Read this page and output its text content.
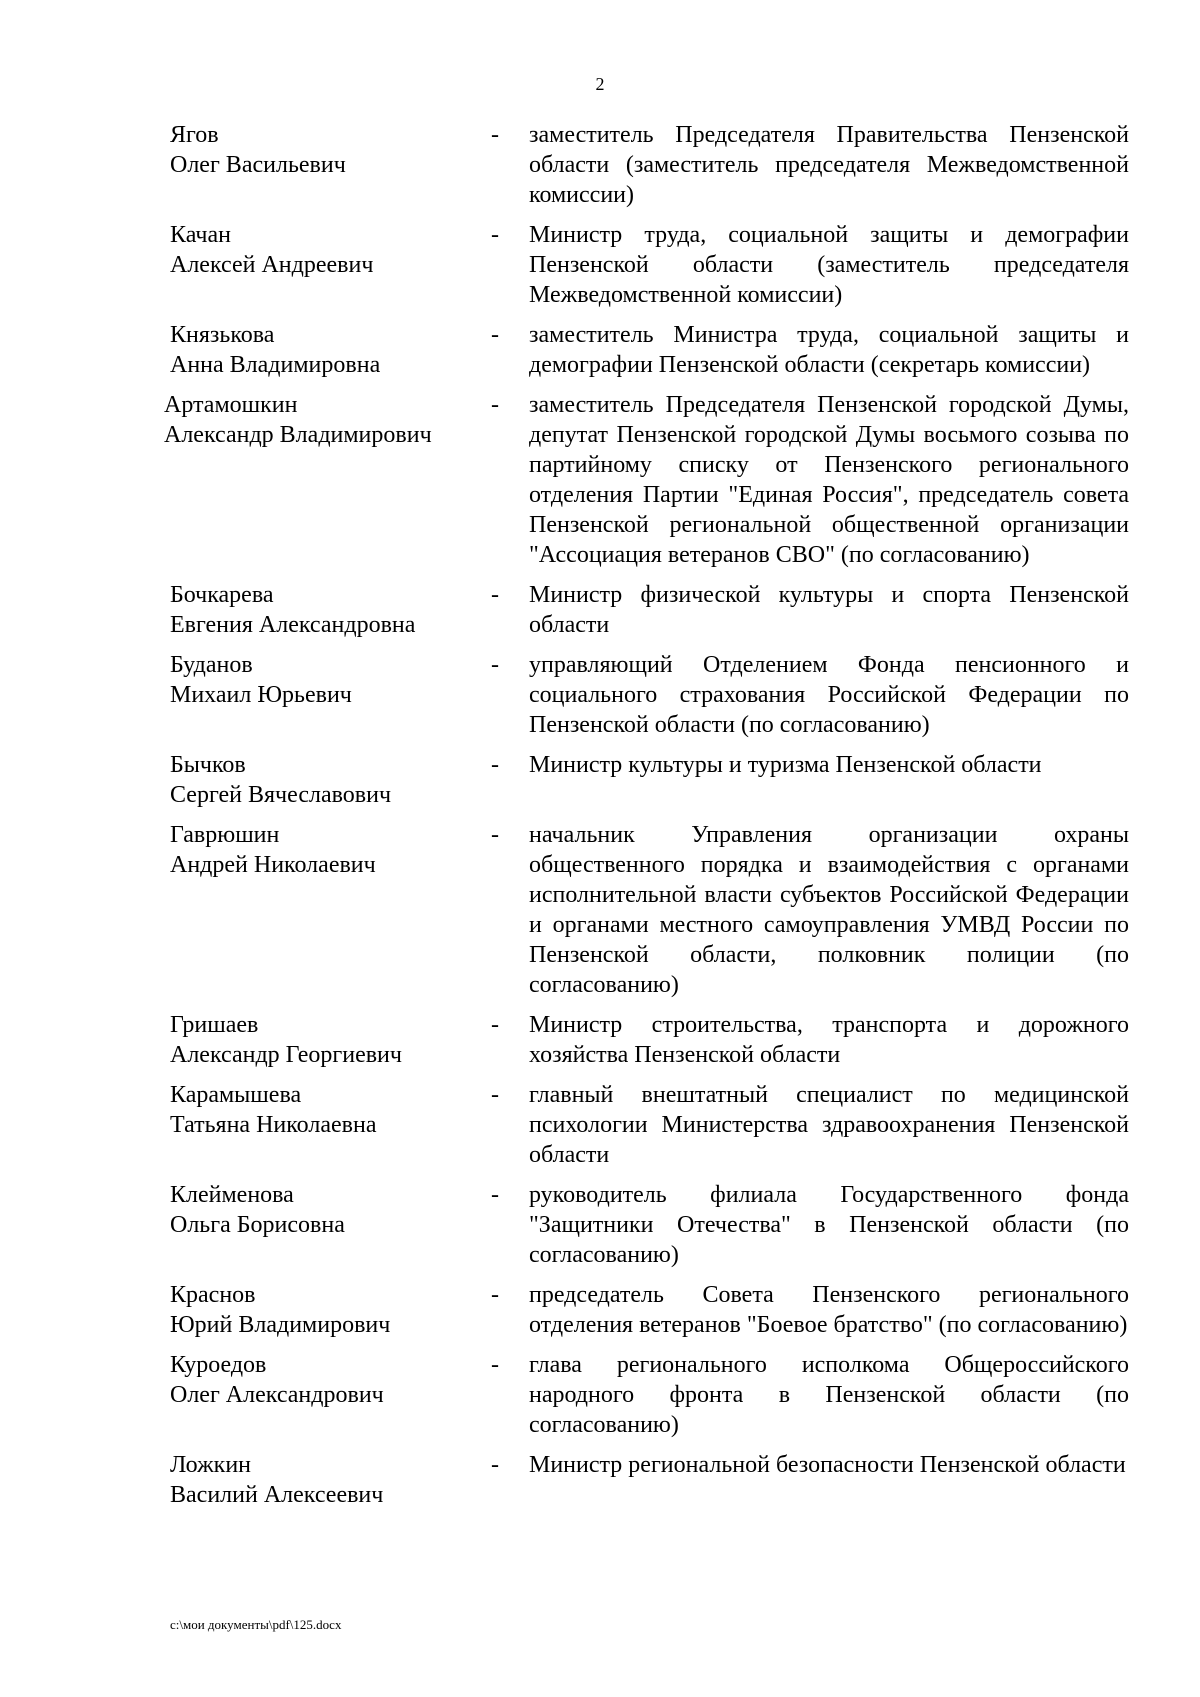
2
Ягов
Олег Васильевич
-	заместитель Председателя Правительства Пензенской области (заместитель председателя Межведомственной комиссии)
Качан
Алексей Андреевич
-	Министр труда, социальной защиты и демографии Пензенской области (заместитель председателя Межведомственной комиссии)
Князькова
Анна Владимировна
-	заместитель Министра труда, социальной защиты и демографии Пензенской области (секретарь комиссии)
Артамошкин
Александр Владимирович
-	заместитель Председателя Пензенской городской Думы, депутат Пензенской городской Думы восьмого созыва по партийному списку от Пензенского регионального отделения Партии "Единая Россия", председатель совета Пензенской региональной общественной организации "Ассоциация ветеранов СВО" (по согласованию)
Бочкарева
Евгения Александровна
-	Министр физической культуры и спорта Пензенской области
Буданов
Михаил Юрьевич
-	управляющий Отделением Фонда пенсионного и социального страхования Российской Федерации по Пензенской области (по согласованию)
Бычков
Сергей Вячеславович
-	Министр культуры и туризма Пензенской области
Гаврюшин
Андрей Николаевич
-	начальник Управления организации охраны общественного порядка и взаимодействия с органами исполнительной власти субъектов Российской Федерации и органами местного самоуправления УМВД России по Пензенской области, полковник полиции (по согласованию)
Гришаев
Александр Георгиевич
-	Министр строительства, транспорта и дорожного хозяйства Пензенской области
Карамышева
Татьяна Николаевна
-	главный внештатный специалист по медицинской психологии Министерства здравоохранения Пензенской области
Клейменова
Ольга Борисовна
-	руководитель филиала Государственного фонда "Защитники Отечества" в Пензенской области (по согласованию)
Краснов
Юрий Владимирович
-	председатель Совета Пензенского регионального отделения ветеранов "Боевое братство" (по согласованию)
Куроедов
Олег Александрович
-	глава регионального исполкома Общероссийского народного фронта в Пензенской области (по согласованию)
Ложкин
Василий Алексеевич
-	Министр региональной безопасности Пензенской области
c:\мои документы\pdf\125.docx
